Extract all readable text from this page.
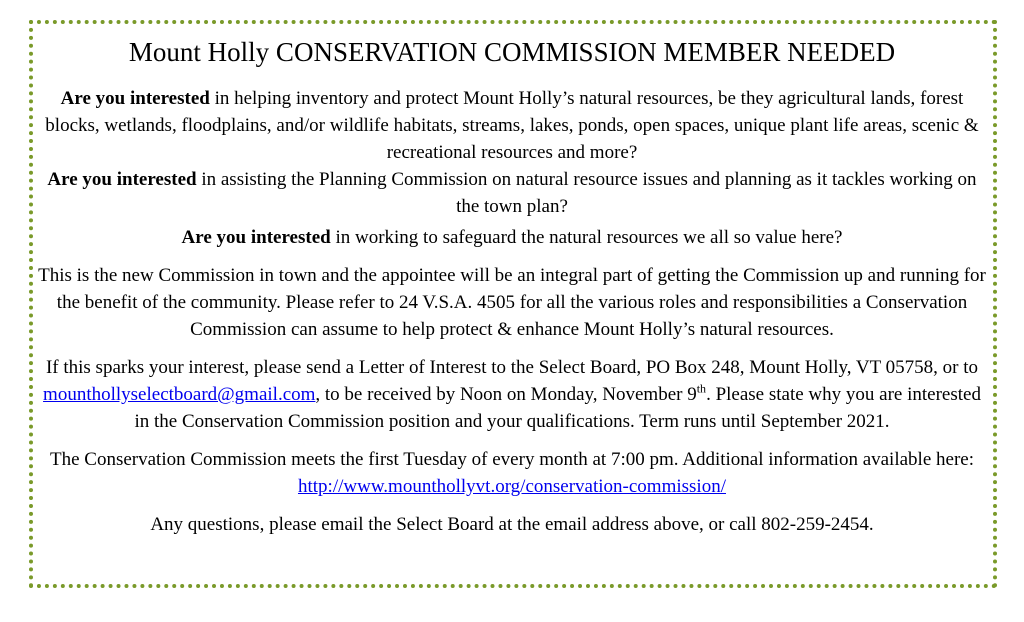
Mount Holly CONSERVATION COMMISSION MEMBER NEEDED

Are you interested in helping inventory and protect Mount Holly’s natural resources, be they agricultural lands, forest blocks, wetlands, floodplains, and/or wildlife habitats, streams, lakes, ponds, open spaces, unique plant life areas, scenic & recreational resources and more?

Are you interested in assisting the Planning Commission on natural resource issues and planning as it tackles working on the town plan?

Are you interested in working to safeguard the natural resources we all so value here?

This is the new Commission in town and the appointee will be an integral part of getting the Commission up and running for the benefit of the community. Please refer to 24 V.S.A. 4505 for all the various roles and responsibilities a Conservation Commission can assume to help protect & enhance Mount Holly’s natural resources.

If this sparks your interest, please send a Letter of Interest to the Select Board, PO Box 248, Mount Holly, VT 05758, or to mounthollyselectboard@gmail.com, to be received by Noon on Monday, November 9th. Please state why you are interested in the Conservation Commission position and your qualifications. Term runs until September 2021.

The Conservation Commission meets the first Tuesday of every month at 7:00 pm. Additional information available here: http://www.mounthollyvt.org/conservation-commission/

Any questions, please email the Select Board at the email address above, or call 802-259-2454.
